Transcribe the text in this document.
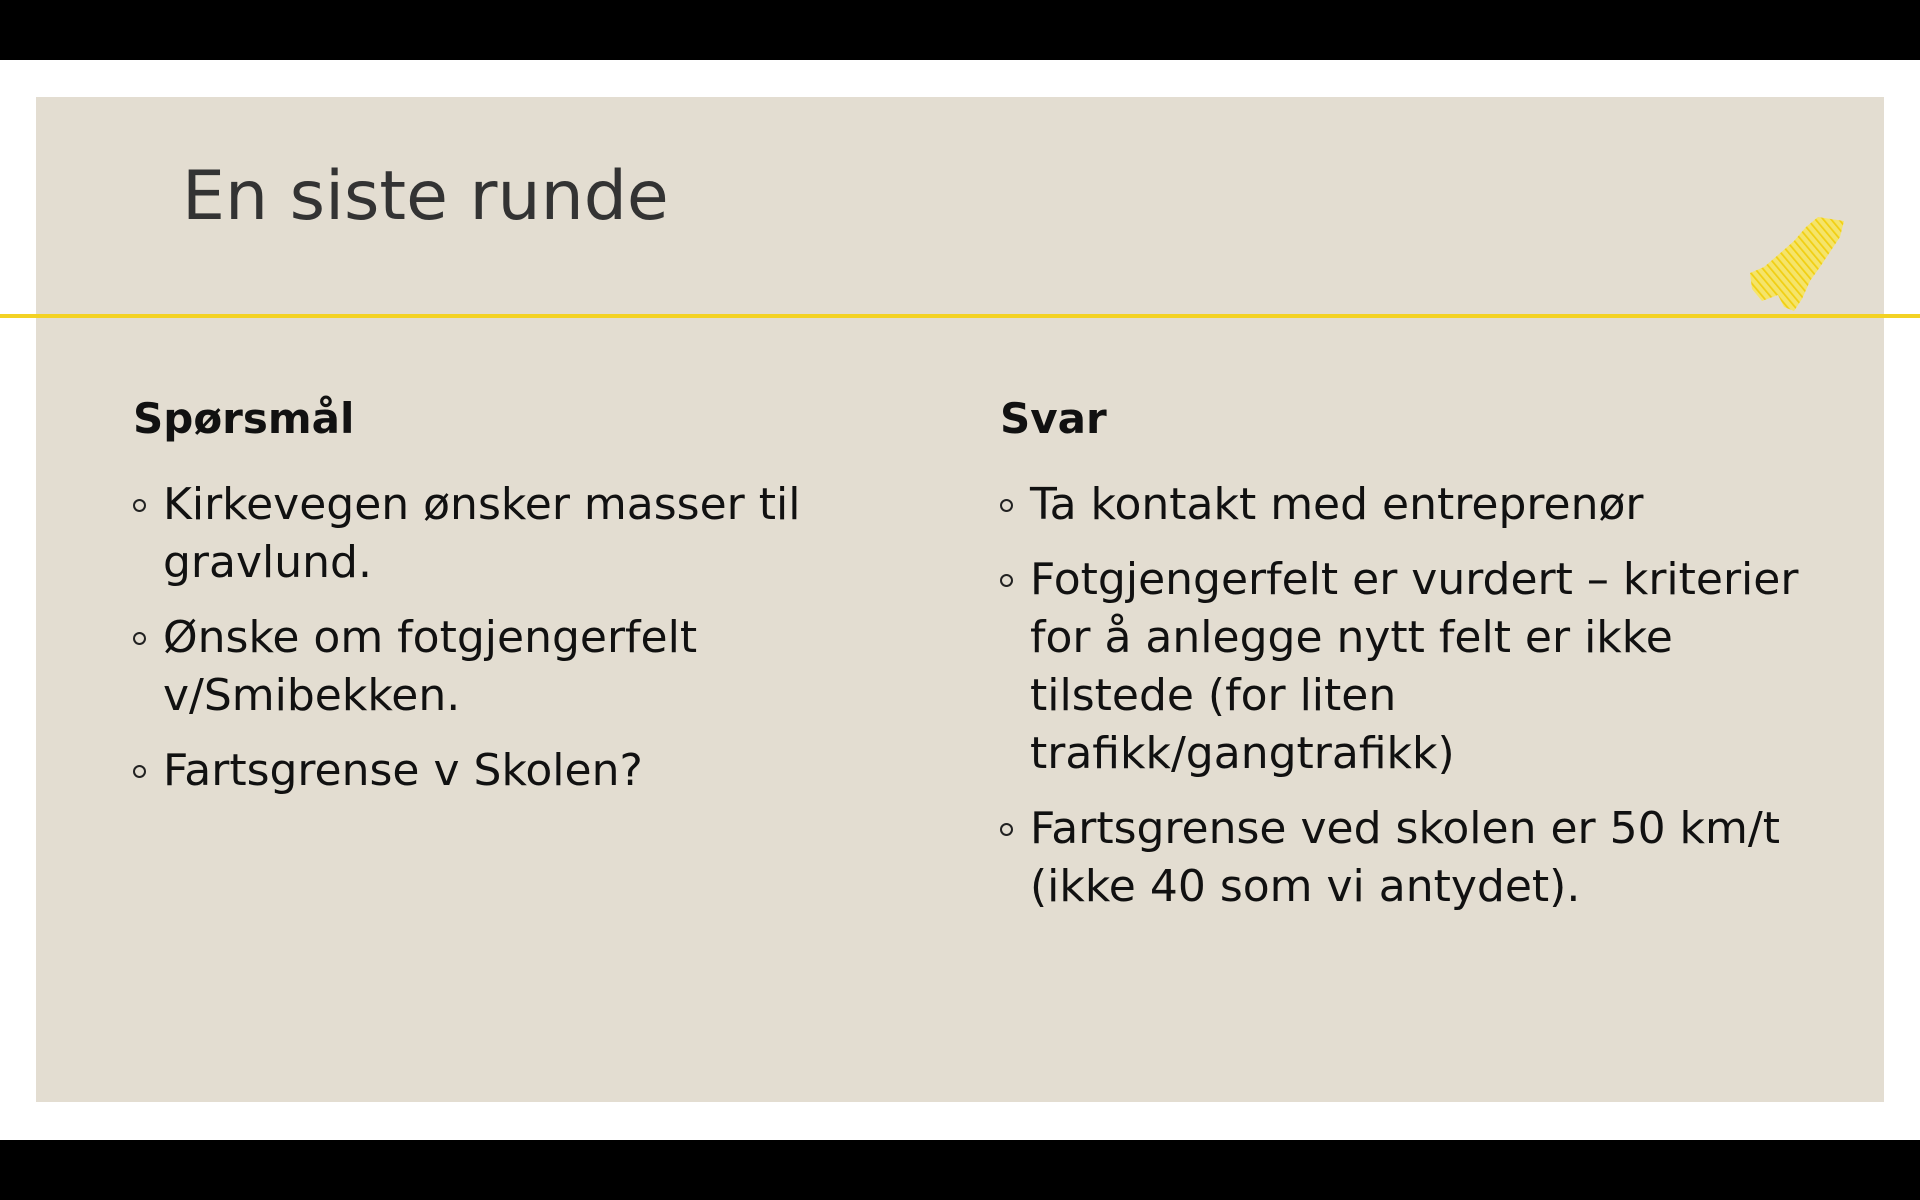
En siste runde
Spørsmål
Kirkevegen ønsker masser til gravlund.
Ønske om fotgjengerfelt v/Smibekken.
Fartsgrense v Skolen?
Svar
Ta kontakt med entreprenør
Fotgjengerfelt er vurdert – kriterier for å anlegge nytt felt er ikke tilstede (for liten trafikk/gangtrafikk)
Fartsgrense ved skolen er 50 km/t (ikke 40 som vi antydet).
